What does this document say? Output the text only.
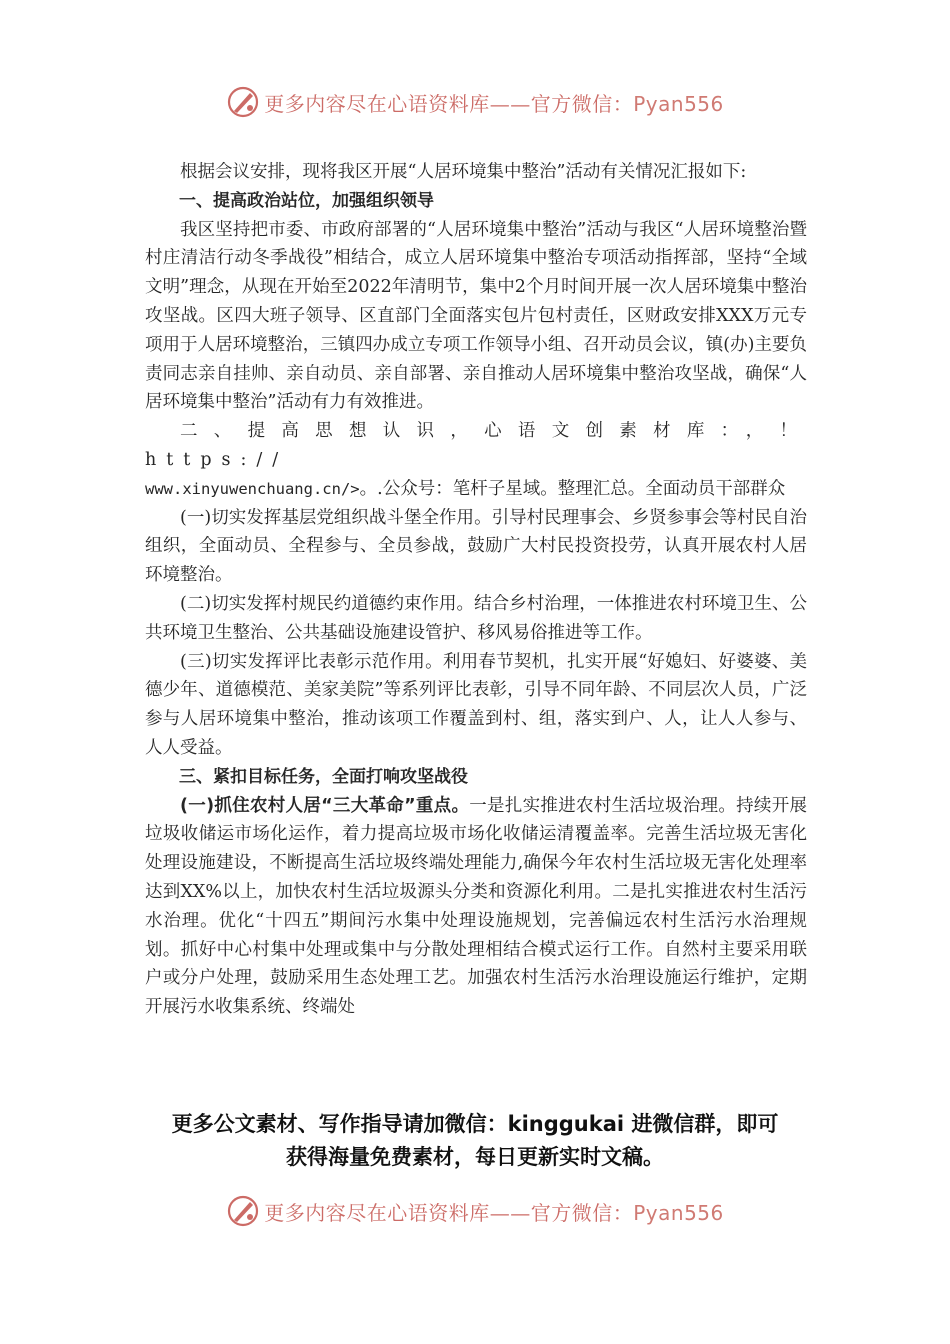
更多内容尽在心语资料库——官方微信：Pyan556

根据会议安排，现将我区开展“人居环境集中整治”活动有关情况汇报如下:

一、提高政治站位，加强组织领导

我区坚持把市委、市政府部署的“人居环境集中整治”活动与我区“人居环境整治暨村庄清洁行动冬季战役”相结合，成立人居环境集中整治专项活动指挥部，坚持“全域文明”理念，从现在开始至2022年清明节，集中2个月时间开展一次人居环境集中整治攻坚战。区四大班子领导、区直部门全面落实包片包村责任，区财政安排XXX万元专项用于人居环境整治，三镇四办成立专项工作领导小组、召开动员会议，镇(办)主要负责同志亲自挂帅、亲自动员、亲自部署、亲自推动人居环境集中整治攻坚战，确保“人居环境集中整治”活动有力有效推进。

二、提高思想认识，心语文创素材库：，！https://

www.xinyuwenchuang.cn/>。.公众号：笔杆子星域。整理汇总。全面动员干部群众

(一)切实发挥基层党组织战斗堡全作用。引导村民理事会、乡贤参事会等村民自治组织，全面动员、全程参与、全员参战，鼓励广大村民投资投劳，认真开展农村人居环境整治。

(二)切实发挥村规民约道德约束作用。结合乡村治理，一体推进农村环境卫生、公共环境卫生整治、公共基础设施建设管护、移风易俗推进等工作。

(三)切实发挥评比表彰示范作用。利用春节契机，扎实开展“好媳妇、好婆婆、美德少年、道德模范、美家美院”等系列评比表彰，引导不同年龄、不同层次人员，广泛参与人居环境集中整治，推动该项工作覆盖到村、组，落实到户、人，让人人参与、人人受益。

三、紧扣目标任务，全面打响攻坚战役

(一)抓住农村人居“三大革命”重点。一是扎实推进农村生活垃圾治理。持续开展垃圾收储运市场化运作，着力提高垃圾市场化收储运清覆盖率。完善生活垃圾无害化处理设施建设，不断提高生活垃圾终端处理能力,确保今年农村生活垃圾无害化处理率达到XX%以上，加快农村生活垃圾源头分类和资源化利用。二是扎实推进农村生活污水治理。优化“十四五”期间污水集中处理设施规划，完善偏远农村生活污水治理规划。抓好中心村集中处理或集中与分散处理相结合模式运行工作。自然村主要采用联户或分户处理，鼓励采用生态处理工艺。加强农村生活污水治理设施运行维护，定期开展污水收集系统、终端处

更多公文素材、写作指导请加微信：kinggukai 进微信群，即可
获得海量免费素材，每日更新实时文稿。
更多内容尽在心语资料库——官方微信：Pyan556
